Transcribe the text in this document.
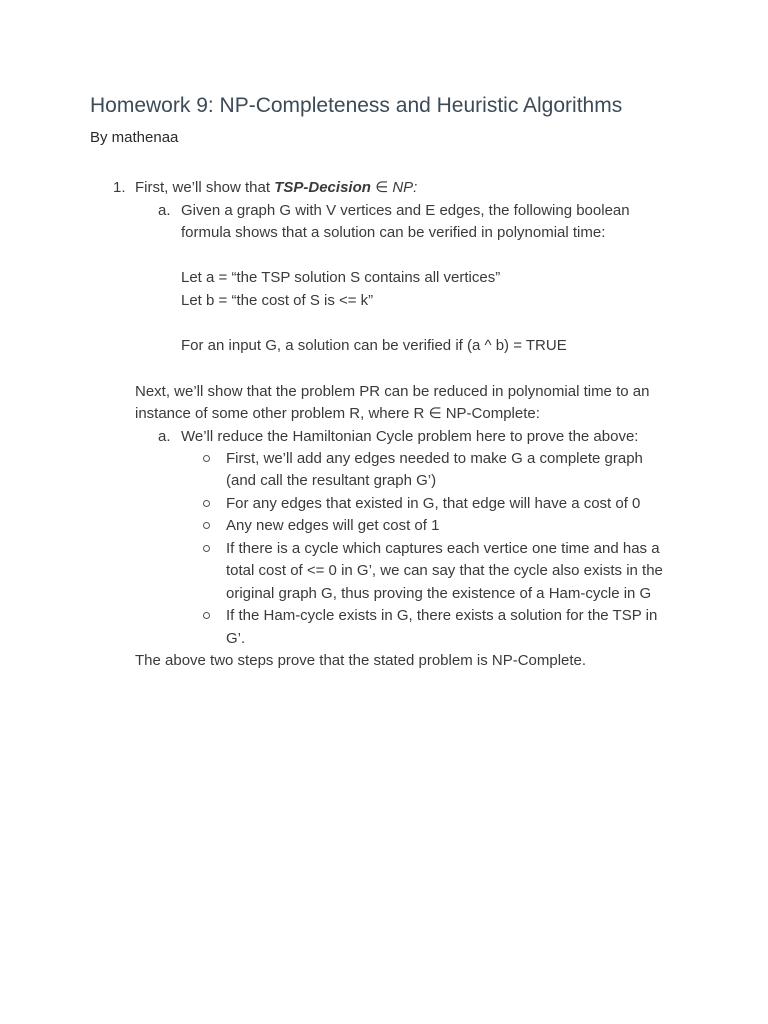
Homework 9: NP-Completeness and Heuristic Algorithms
By mathenaa
1. First, we’ll show that TSP-Decision ∈ NP:
a. Given a graph G with V vertices and E edges, the following boolean
formula shows that a solution can be verified in polynomial time:
Let a = “the TSP solution S contains all vertices”
Let b = “the cost of S is <= k”
For an input G, a solution can be verified if (a ^ b) = TRUE
Next, we’ll show that the problem PR can be reduced in polynomial time to an
instance of some other problem R, where R ∈ NP-Complete:
a. We’ll reduce the Hamiltonian Cycle problem here to prove the above:
First, we’ll add any edges needed to make G a complete graph
(and call the resultant graph G’)
For any edges that existed in G, that edge will have a cost of 0
Any new edges will get cost of 1
If there is a cycle which captures each vertice one time and has a
total cost of <= 0 in G’, we can say that the cycle also exists in the
original graph G, thus proving the existence of a Ham-cycle in G
If the Ham-cycle exists in G, there exists a solution for the TSP in
G’.
The above two steps prove that the stated problem is NP-Complete.
